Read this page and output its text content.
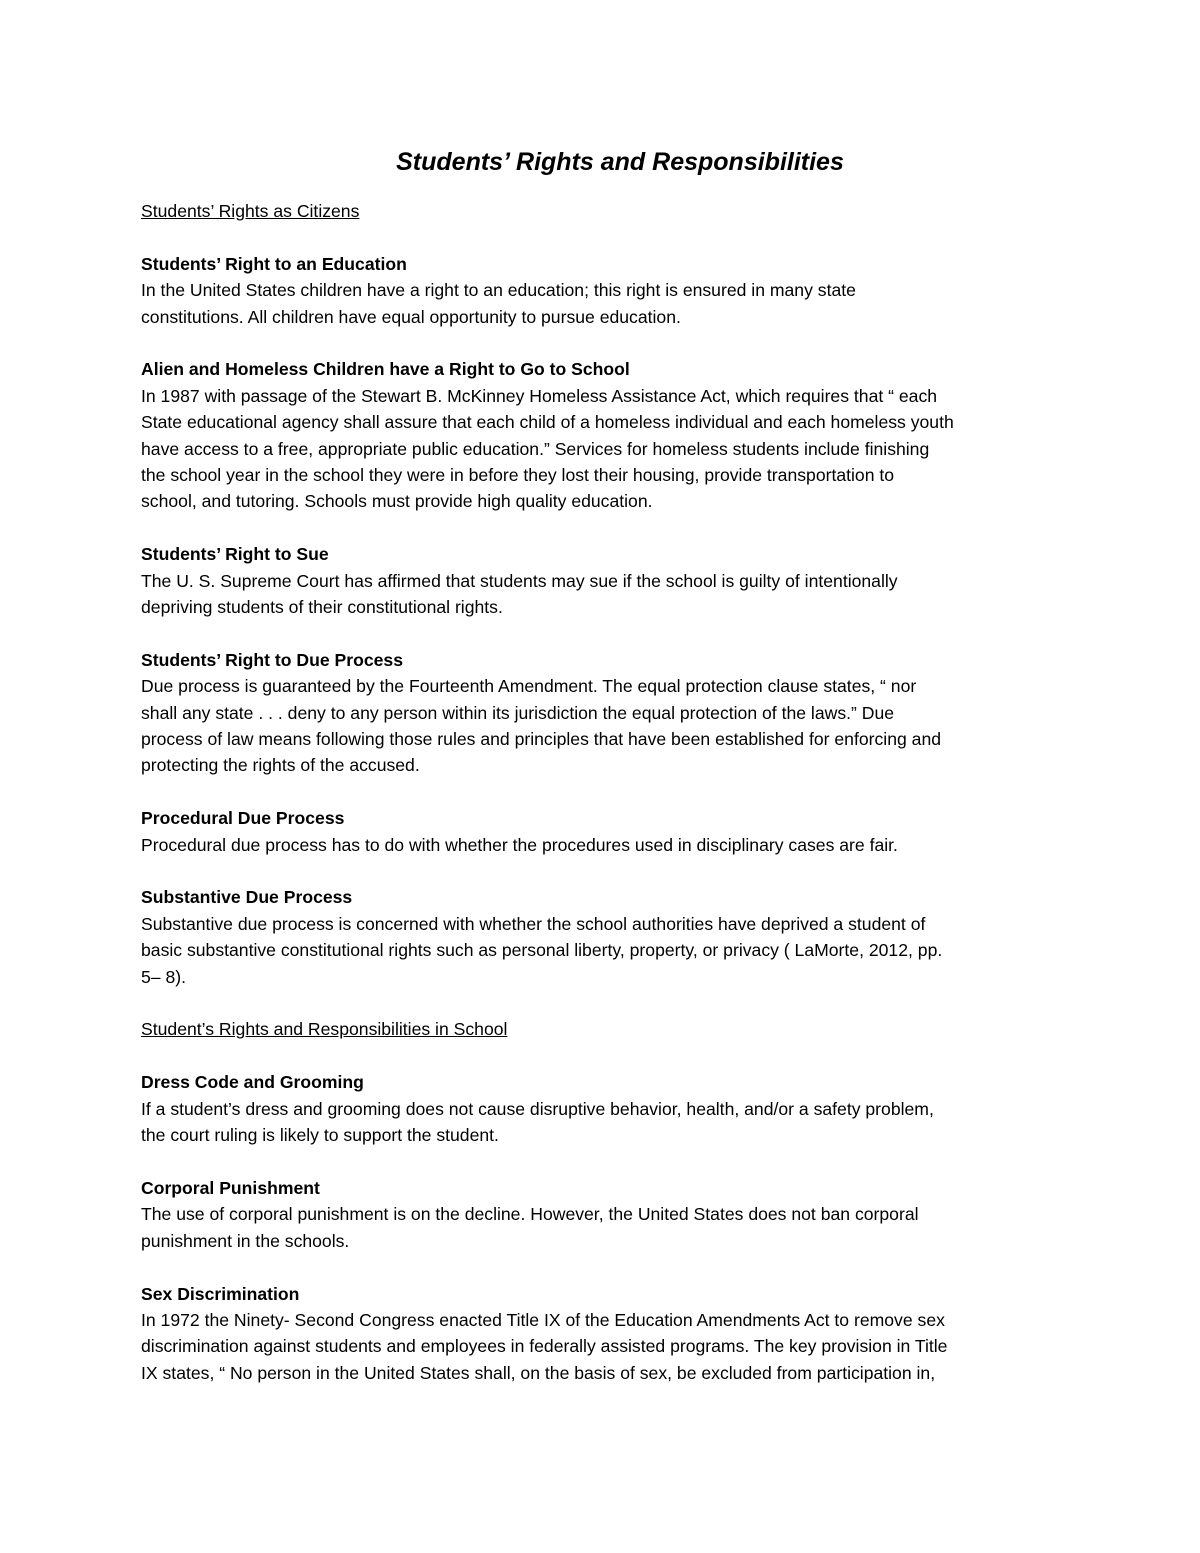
Students’ Rights and Responsibilities
Students’ Rights as Citizens
Students’ Right to an Education
In the United States children have a right to an education; this right is ensured in many state
constitutions. All children have equal opportunity to pursue education.
Alien and Homeless Children have a Right to Go to School
In 1987 with passage of the Stewart B. McKinney Homeless Assistance Act, which requires that “ each
State educational agency shall assure that each child of a homeless individual and each homeless youth
have access to a free, appropriate public education.” Services for homeless students include finishing
the school year in the school they were in before they lost their housing, provide transportation to
school, and tutoring. Schools must provide high quality education.
Students’ Right to Sue
The U. S. Supreme Court has affirmed that students may sue if the school is guilty of intentionally
depriving students of their constitutional rights.
Students’ Right to Due Process
Due process is guaranteed by the Fourteenth Amendment. The equal protection clause states, “ nor
shall any state . . . deny to any person within its jurisdiction the equal protection of the laws.” Due
process of law means following those rules and principles that have been established for enforcing and
protecting the rights of the accused.
Procedural Due Process
Procedural due process has to do with whether the procedures used in disciplinary cases are fair.
Substantive Due Process
Substantive due process is concerned with whether the school authorities have deprived a student of
basic substantive constitutional rights such as personal liberty, property, or privacy ( LaMorte, 2012, pp.
5– 8).
Student’s Rights and Responsibilities in School
Dress Code and Grooming
If a student’s dress and grooming does not cause disruptive behavior, health, and/or a safety problem,
the court ruling is likely to support the student.
Corporal Punishment
The use of corporal punishment is on the decline. However, the United States does not ban corporal
punishment in the schools.
Sex Discrimination
In 1972 the Ninety- Second Congress enacted Title IX of the Education Amendments Act to remove sex
discrimination against students and employees in federally assisted programs. The key provision in Title
IX states, “ No person in the United States shall, on the basis of sex, be excluded from participation in,
